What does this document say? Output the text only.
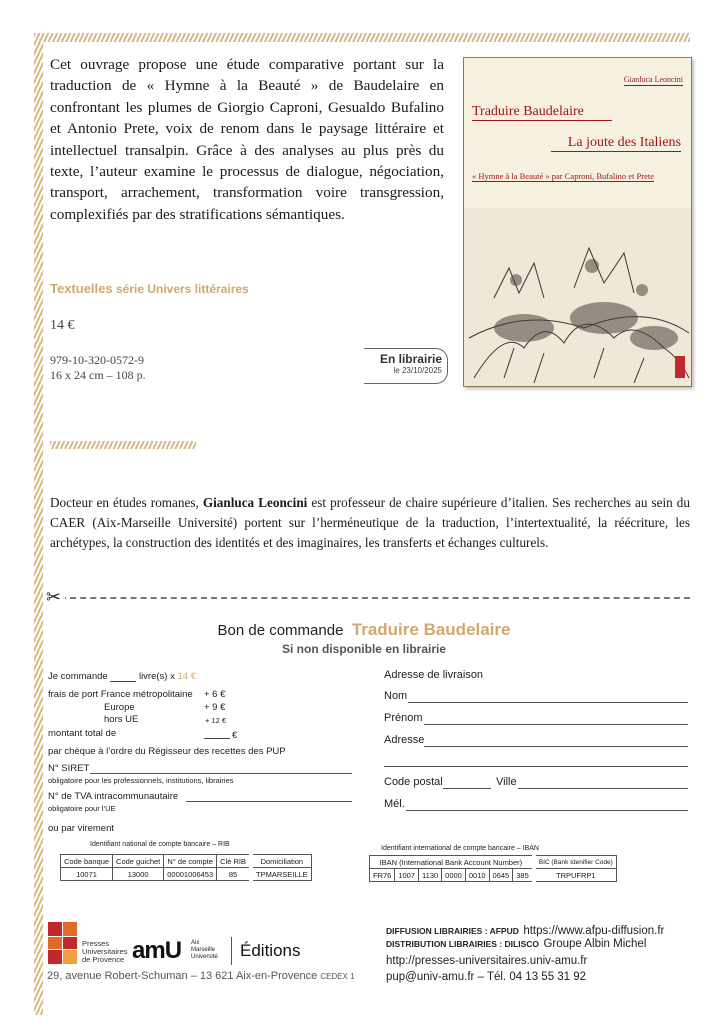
Cet ouvrage propose une étude comparative portant sur la traduction de « Hymne à la Beauté » de Baudelaire en confrontant les plumes de Giorgio Caproni, Gesualdo Bufalino et Antonio Prete, voix de renom dans le paysage littéraire et intellectuel transalpin. Grâce à des analyses au plus près du texte, l’auteur examine le processus de dialogue, négociation, transport, arrachement, transformation voire transgression, complexifiés par des stratifications sémantiques.

Textuelles série Univers littéraires
14 €
979-10-320-0572-9
16 x 24 cm – 108 p.
En librairie
le 23/10/2025
Gianluca Leoncini
Traduire Baudelaire
La joute des Italiens
« Hymne à la Beauté » par Caproni, Bufalino et Prete

Docteur en études romanes, Gianluca Leoncini est professeur de chaire supérieure d’italien. Ses recherches au sein du CAER (Aix-Marseille Université) portent sur l’herméneutique de la traduction, l’intertextualité, la réécriture, les archétypes, la construction des identités et des imaginaires, les transferts et échanges culturels.

✂
Bon de commande Traduire Baudelaire
Si non disponible en librairie
Je commande	livre(s) x 14 €
frais de port France métropolitaine + 6 €
Europe	+ 9 €
hors UE	+ 12 €
montant total de	€
par chèque à l’ordre du Régisseur des recettes des PUP
N° SIRET
obligatoire pour les professionnels, institutions, librairies
N° de TVA intracommunautaire
obligatoire pour l’UE
ou par virement
Identifiant national de compte bancaire – RIB
Code banque	Code guichet	N° de compte	Clé RIB	Domiciliation
10071	13000	00001006453	85	TPMARSEILLE
Adresse de livraison
Nom
Prénom
Adresse
Code postal	Ville
Mél.
Identifiant international de compte bancaire – IBAN
IBAN (International Bank Account Number)							BIC (Bank Idenifier Code)
FR76	1007	1130	0000	0010	0645	385	TRPUFRP1
Presses
Universitaires
de Provence amU Aix
Marseille
Université Éditions
29, avenue Robert-Schuman – 13 621 Aix-en-Provence CEDEX 1
DIFFUSION LIBRAIRIES : AFPUD https://www.afpu-diffusion.fr
DISTRIBUTION LIBRAIRIES : DILISCO Groupe Albin Michel
http://presses-universitaires.univ-amu.fr
pup@univ-amu.fr – Tél. 04 13 55 31 92
